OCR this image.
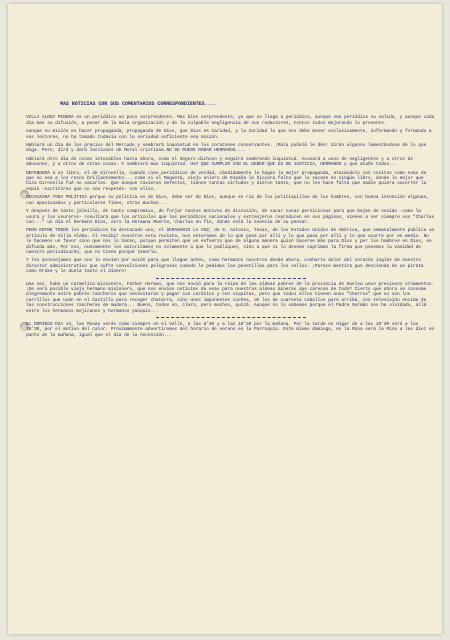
MAS NOTICIAS CON SUS COMENTARIOS CORRESPONDIENTES....

VILLA ALDEA MINERA es un periódico un poco sorprendente. Mas bien sorprendente, ya que no llega a periódico, aunque sea periódica su salida, y aunque cada día mas su difusión, a pesar de la mala organización y de la culpable negligencia de sus redactores, tontos todos mejorando lo presente.

Aunque su misión es hacer propaganda, propaganda de Dios, que Dios es Caridad, y la Caridad lo que nos debe mover exclusivamente, informando y formando a sus lectores, no ha tomado todavía con la seriedad suficiente esa misión.

Hablará un día de los precios del Mercado y sembrará inquietud en los corazones conservantes. ¡Mala puñalá le dén! dirán algunos lamentándose de lo que diga. Pero, dirá y dará lecciones de Moral cristiana.NO SE PUEDE ROBAR HERMANOS....

Hablará otro día de cosas intocables hasta ahora, como el Seguro dichoso y seguirá sembrando inquietud. Acusará a unos de negligentes y a otros de abusones, y a otros de otras cosas. Y sembrará mas inquietud. HAY QUE CUMPLIR CON EL DEBER QUE ES DE JUSTICIA, HERMANOS y que atañe todos...

DEFENDERÁ a un libro, el de Gironella, cuando cien periódicos de verdad, cándidamente le hagan la mejor propaganda, atacándolo con cositas como esas de que no sea a los rezos brillantemente... como si el Maquetá, viejo enlero de España le hiciera falta que le sacase en ningún libro, donde lo mejor que hiza Gironella fué no sacarles. Que aunque tuvieran defectos, tienen tantas virtudes y dieron tanto, que no les hace falta que nadie quiera socorrer la espin -escritores que no son respetés- con ellos.

RECHAZARÁ TODA POLÍTICA porque su política es de Dios, debe ser de Dios, aunque se ría de los politiquillas de los hombres, con buena intención algunas, con apasionados y particulares fines, otras muchas...

Y después de tanto jaleillo, de tanto compromiso, de forjar tantos motivos de discusión, de sacar cosas perniciosas para que bajen de sonido -como la usura y los usureros- resultará que los artículos que los periódicos nacionales y extranjeros reproducen en sus páginas, vienen a ser siempre sus "Charlas con..." un día el Hermano Dios, otro la Hermana Muerte, charlas en fin, donde está la esencia de su pensar.

PERO ENTRE TODOS los periódicos ha destacado uno, el SEMANARIO LA VOZ, de S. Antonio, Texas, de los Estados Unidos de América, que semanalmente publica un artículo de Villa Aldea. Al recibir nosotros esta revista, nos enteramos de lo que pasa por allí y lo que pasa por allí y lo que ocurre por en medio. No le hacemos un favor sino que nos lo hacen, porque permiten que un esfuerzo que de alguna manera quisó hacerse más para Dios y por los hombres en Dios, se difunda más. Por eso, nuevamente les autorizamos no solamente a que lo publiquen, sino a que si lo desean supriman la firma que ponemos la vanidad de nuestro periodicucho, que no tiene porqué tenerla.

Y les aconsejamos que nos lo envíen por avión para que llegue antes, como hermanos nosotros desde ahora, conharto dolor del corazón inglés de nuestro director administrativo que sufre convulsiones peligrosas cuando le pedimos las pesetillas para los sellos. ¡Parece mentira que descienda de un pirata como Drake y le duela tanto el dinero!

Una vez, hubo un carmelita misionero, Father Herman, que nos envió para la reina de las aldeas pobres de la provincia de Huelva unos preciosos ornamentos. ¡Se será posible viejo hermano misionero, que nos envíes noticias de esas para nuestras aldeas mineras que carecen de todo? Cierto que ahora se consume alegremente entre pobres rancheros que necesitaran y pagar con carditos y con viquitas, pero que todos ellos tienen unos "Charros" que no son los carrillos que usan en el Castillo para recoger chatarra, sino unos imponentes coches, de los de cuarenta caballos para arriba, con televisión encima de las construcciones rancheras de madera... Bueno, todos no, claro, pero muchos, quizá. Aunque no lo sabemos porque el Padre Germán nos ha olvidado, allá entre los hermanos mejicanos y hermanos yanquis...

EL DOMINGO DIA 14, las Misas serán como siempre en el Valle, a las 8'30 y a las 10'30 por la mañana. Por la tarde en Higar de a las 10'30 será a las 10'30, por el motivo del calor. Próximamente advertiremos del horario de verano en la Parroquia. Este mismo domingo, en la Mina será la Misa a las diez en punto de la mañana, igual que el día de la Ascensión...
